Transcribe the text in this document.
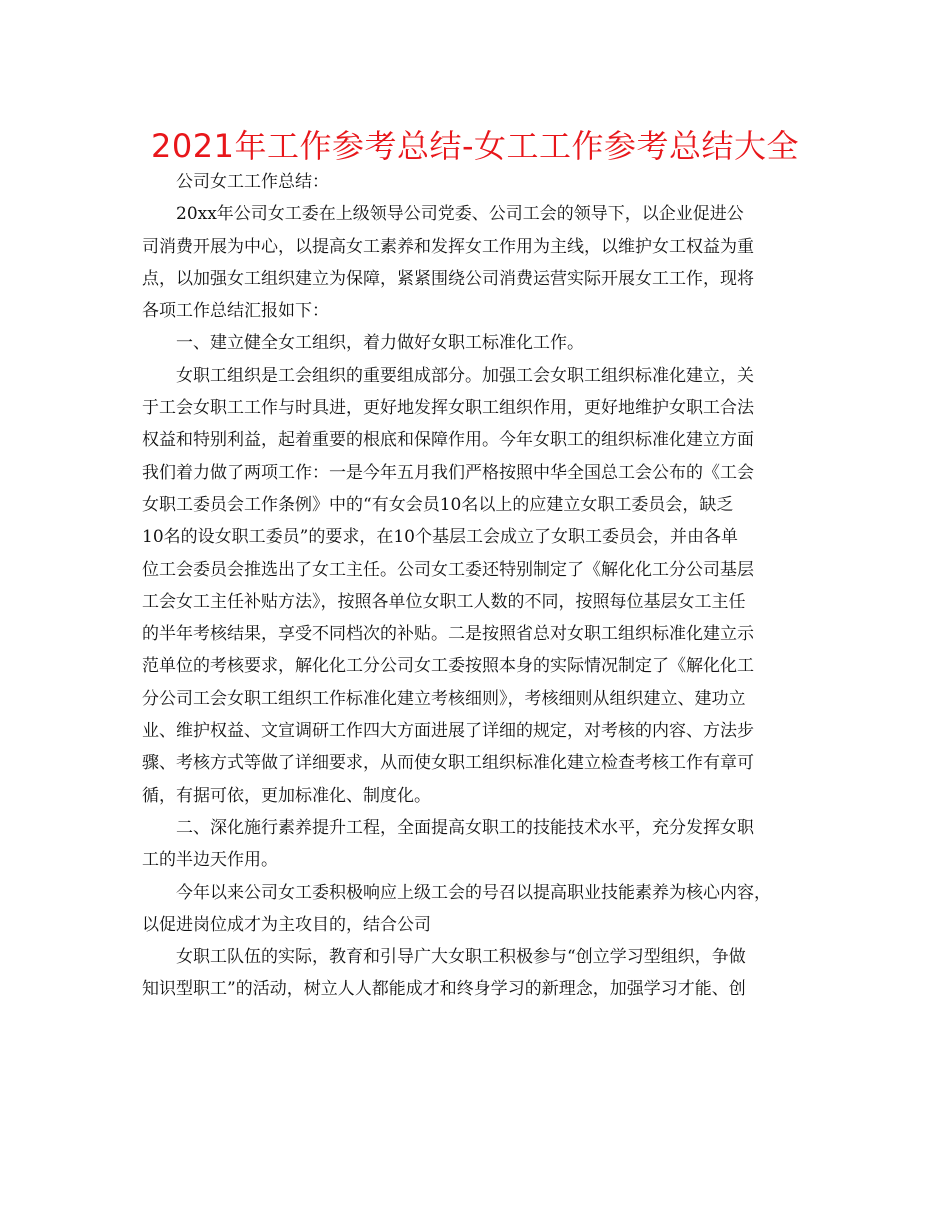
2021年工作参考总结-女工工作参考总结大全
公司女工工作总结：
20xx年公司女工委在上级领导公司党委、公司工会的领导下，以企业促进公
司消费开展为中心，以提高女工素养和发挥女工作用为主线，以维护女工权益为重
点，以加强女工组织建立为保障，紧紧围绕公司消费运营实际开展女工工作，现将
各项工作总结汇报如下：
一、建立健全女工组织，着力做好女职工标准化工作。
女职工组织是工会组织的重要组成部分。加强工会女职工组织标准化建立，关
于工会女职工工作与时具进，更好地发挥女职工组织作用，更好地维护女职工合法
权益和特别利益，起着重要的根底和保障作用。今年女职工的组织标准化建立方面
我们着力做了两项工作：一是今年五月我们严格按照中华全国总工会公布的《工会
女职工委员会工作条例》中的“有女会员10名以上的应建立女职工委员会，缺乏
10名的设女职工委员”的要求，在10个基层工会成立了女职工委员会，并由各单
位工会委员会推选出了女工主任。公司女工委还特别制定了《解化化工分公司基层
工会女工主任补贴方法》，按照各单位女职工人数的不同，按照每位基层女工主任
的半年考核结果，享受不同档次的补贴。二是按照省总对女职工组织标准化建立示
范单位的考核要求，解化化工分公司女工委按照本身的实际情况制定了《解化化工
分公司工会女职工组织工作标准化建立考核细则》，考核细则从组织建立、建功立
业、维护权益、文宣调研工作四大方面进展了详细的规定，对考核的内容、方法步
骤、考核方式等做了详细要求，从而使女职工组织标准化建立检查考核工作有章可
循，有据可依，更加标准化、制度化。
二、深化施行素养提升工程，全面提高女职工的技能技术水平，充分发挥女职
工的半边天作用。
今年以来公司女工委积极响应上级工会的号召以提高职业技能素养为核心内容，
以促进岗位成才为主攻目的，结合公司
女职工队伍的实际，教育和引导广大女职工积极参与“创立学习型组织，争做
知识型职工”的活动，树立人人都能成才和终身学习的新理念，加强学习才能、创
